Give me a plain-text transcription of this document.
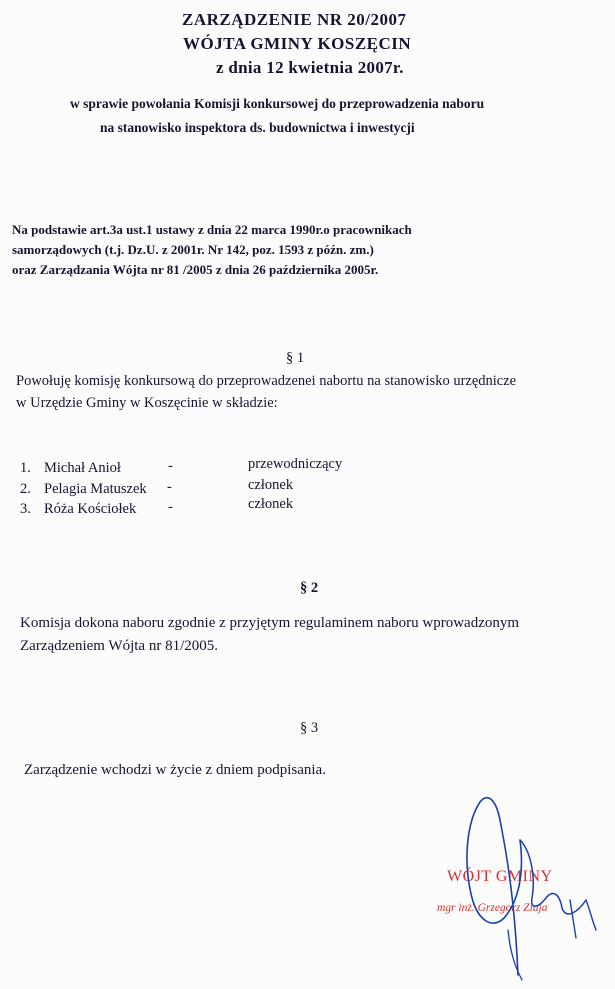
ZARZĄDZENIE NR 20/2007
WÓJTA GMINY KOSZĘCIN
z dnia 12 kwietnia 2007r.
w sprawie powołania Komisji konkursowej do przeprowadzenia naboru
na stanowisko inspektora ds. budownictwa i inwestycji
Na podstawie art.3a ust.1 ustawy z dnia 22 marca 1990r.o pracownikach
samorządowych (t.j. Dz.U. z 2001r. Nr 142, poz. 1593 z późn. zm.)
oraz Zarządzania Wójta nr 81 /2005 z dnia 26 października 2005r.
§ 1
Powołuję komisję konkursową do przeprowadzenei nabortu na stanowisko urzędnicze
w Urzędzie Gminy w Koszęcinie w składzie:
1. Michał Anioł	-	przewodniczący
2. Pelagia Matuszek -	członek
3. Róża Kościołek -	członek
§ 2
Komisja dokona naboru zgodnie z przyjętym regulaminem naboru wprowadzonym
Zarządzeniem Wójta nr 81/2005.
§ 3
Zarządzenie wchodzi w życie z dniem podpisania.
WÓJT GMINY
mgr inż. Grzegorz Ziaja
